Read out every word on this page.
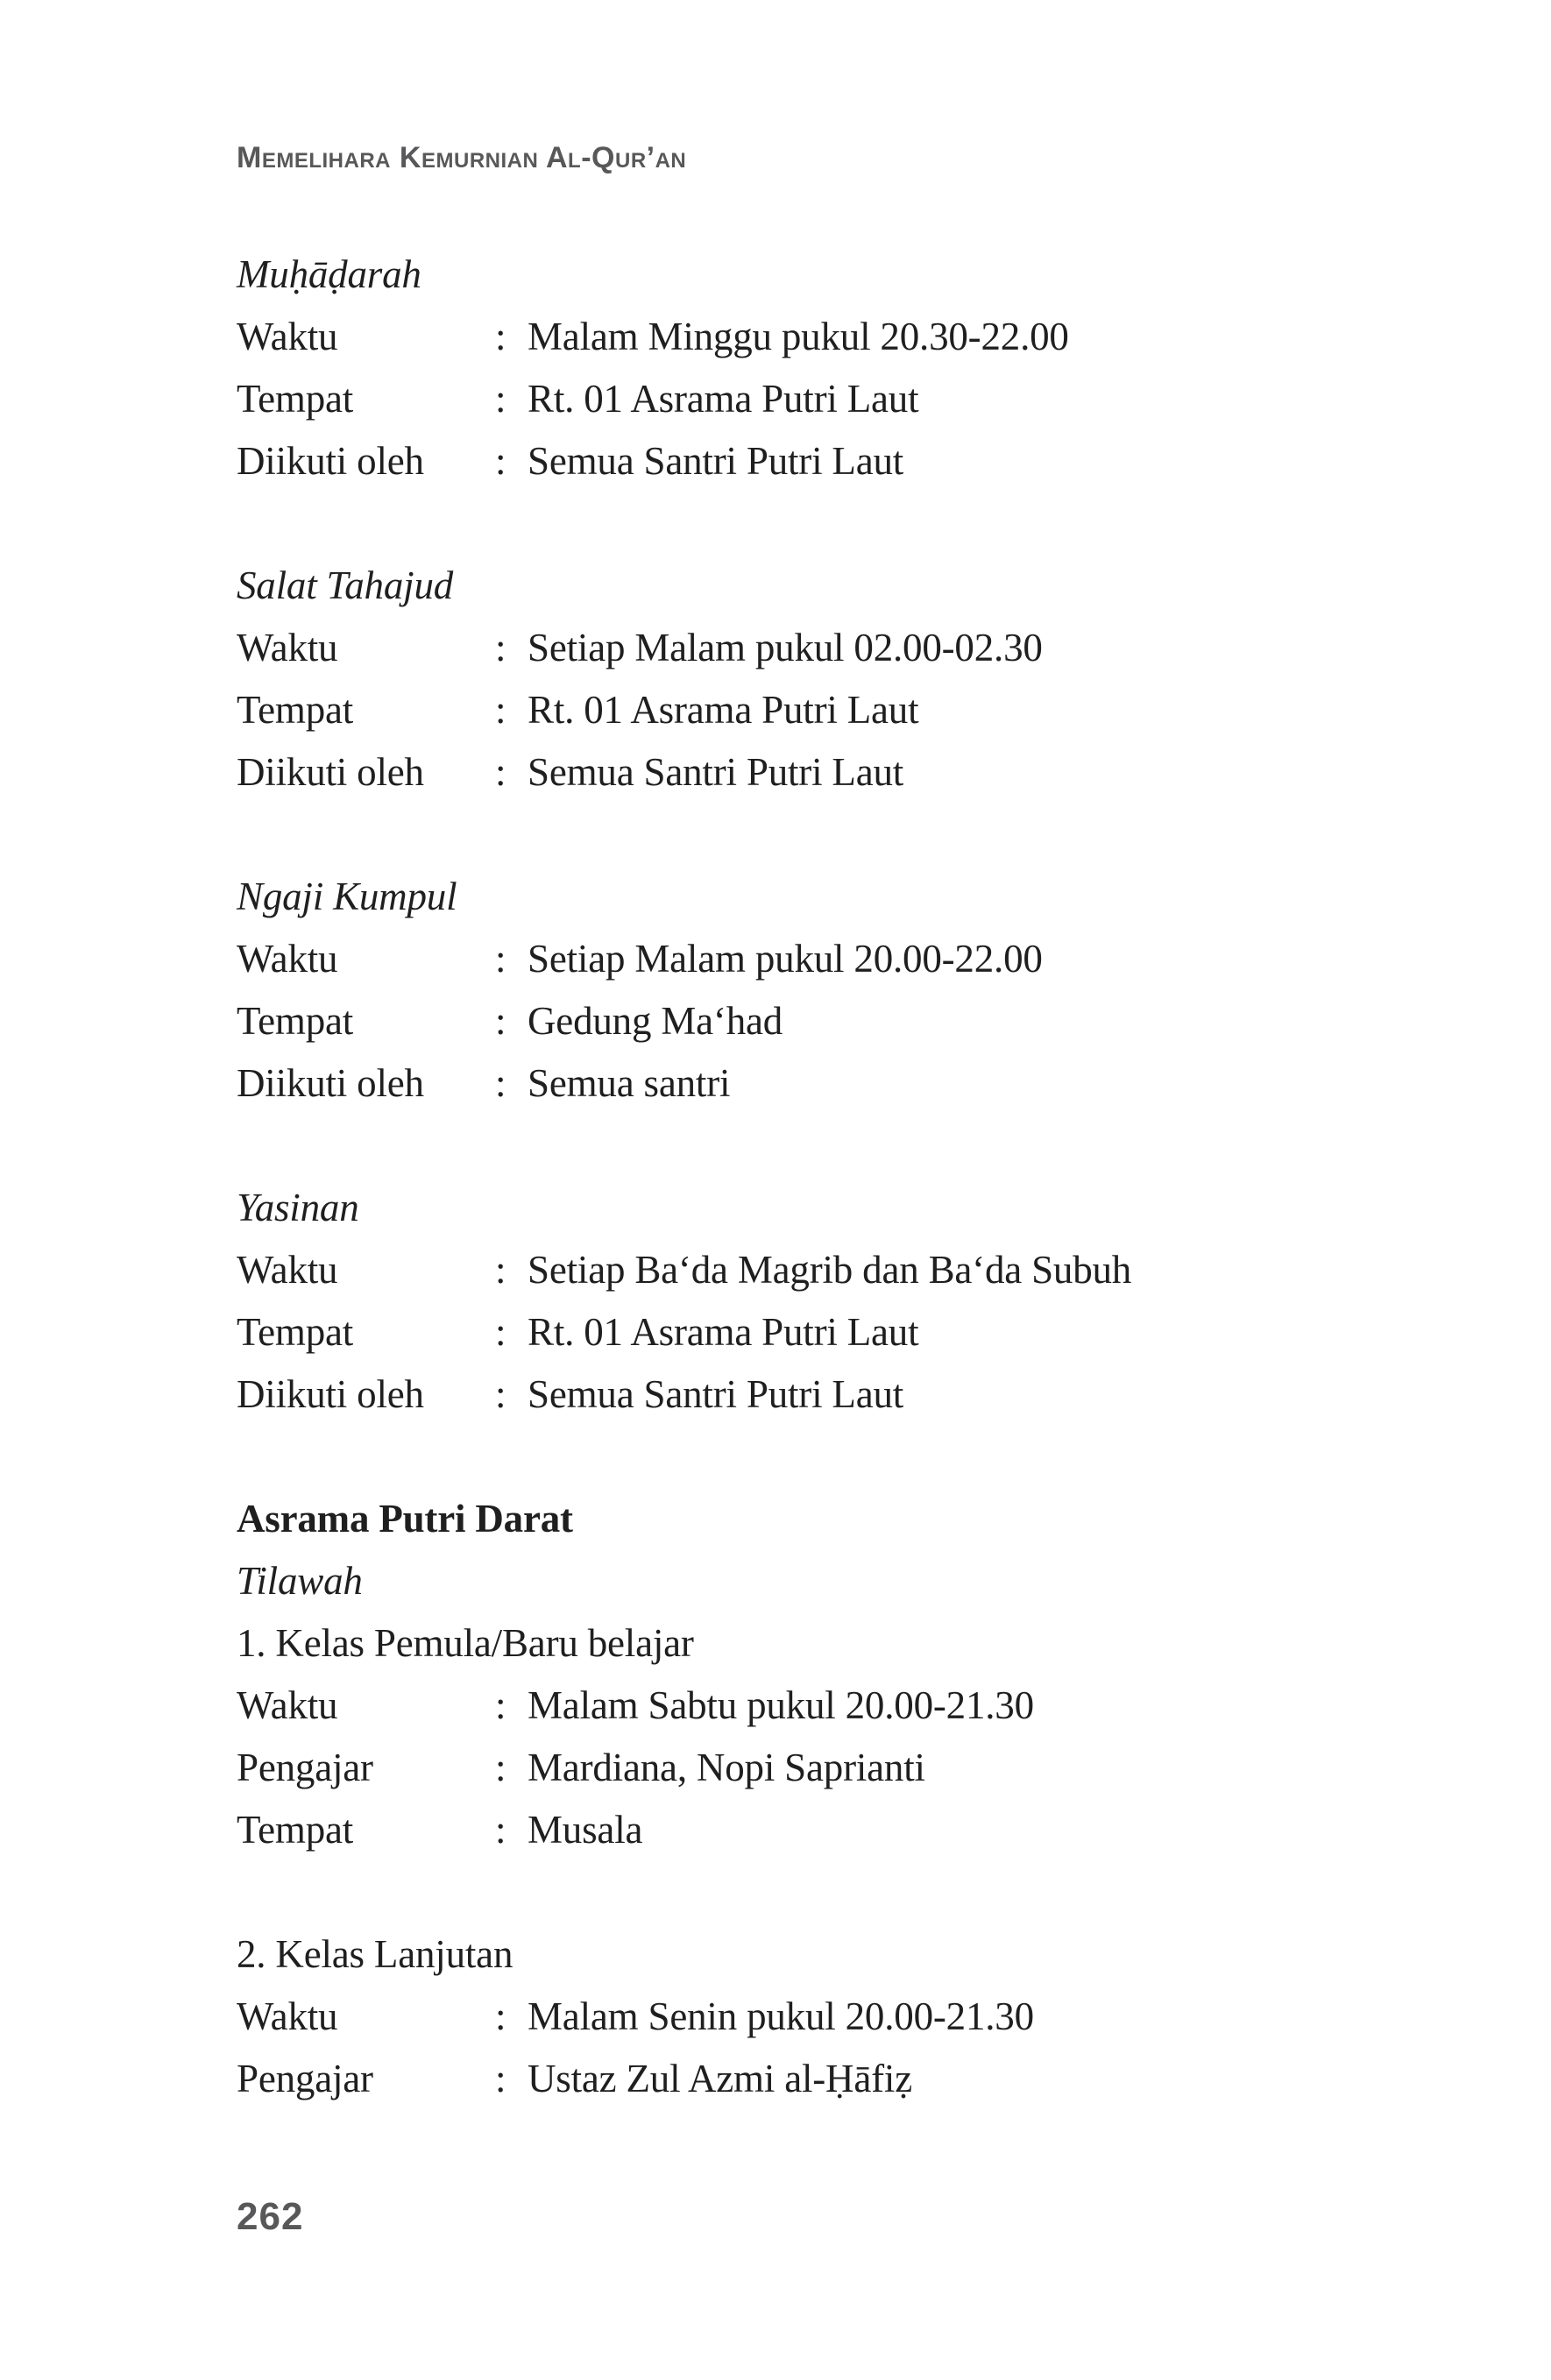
Memelihara Kemurnian Al-Qur’an
Muḥāḍarah
Waktu	: Malam Minggu pukul 20.30-22.00
Tempat	: Rt. 01 Asrama Putri Laut
Diikuti oleh	: Semua Santri Putri Laut
Salat Tahajud
Waktu	: Setiap Malam pukul 02.00-02.30
Tempat	: Rt. 01 Asrama Putri Laut
Diikuti oleh	: Semua Santri Putri Laut
Ngaji Kumpul
Waktu	: Setiap Malam pukul 20.00-22.00
Tempat	: Gedung Ma‘had
Diikuti oleh	: Semua santri
Yasinan
Waktu	: Setiap Ba‘da Magrib dan Ba‘da Subuh
Tempat	: Rt. 01 Asrama Putri Laut
Diikuti oleh	: Semua Santri Putri Laut
Asrama Putri Darat
Tilawah
1. Kelas Pemula/Baru belajar
Waktu	: Malam Sabtu pukul 20.00-21.30
Pengajar	: Mardiana, Nopi Saprianti
Tempat	: Musala
2. Kelas Lanjutan
Waktu	: Malam Senin pukul 20.00-21.30
Pengajar	: Ustaz Zul Azmi al-Ḥāfiẓ
262
